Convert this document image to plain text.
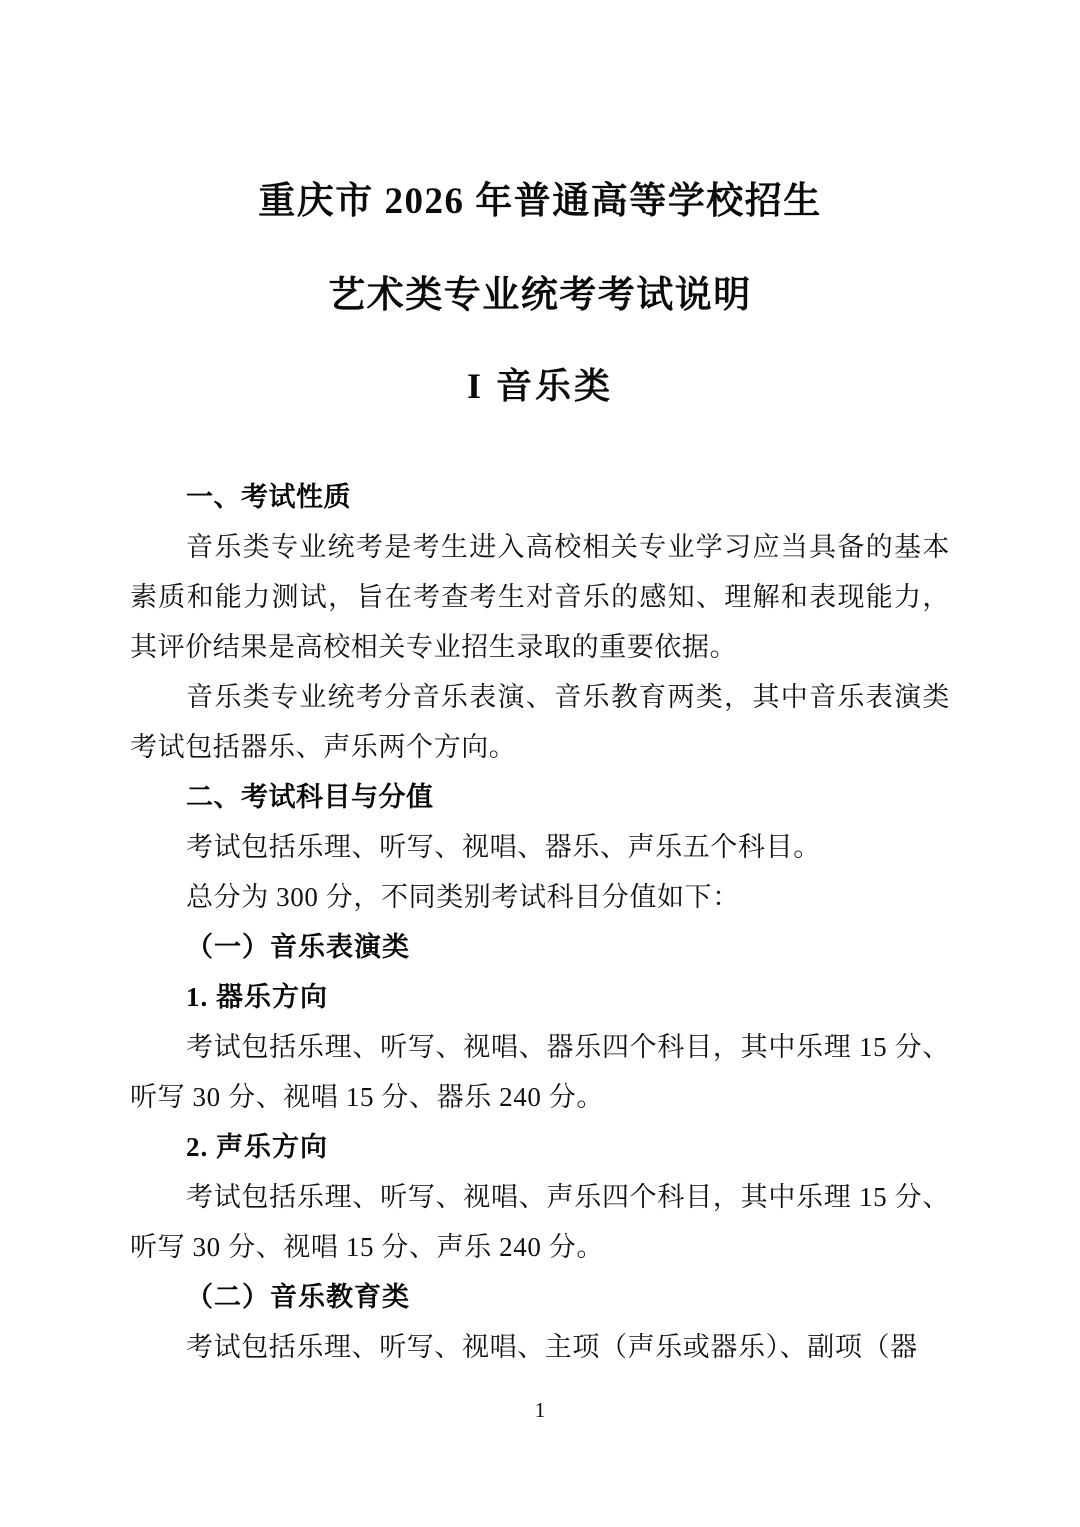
重庆市 2026 年普通高等学校招生
艺术类专业统考考试说明
I 音乐类
一、考试性质

音乐类专业统考是考生进入高校相关专业学习应当具备的基本素质和能力测试，旨在考查考生对音乐的感知、理解和表现能力，其评价结果是高校相关专业招生录取的重要依据。

音乐类专业统考分音乐表演、音乐教育两类，其中音乐表演类考试包括器乐、声乐两个方向。

二、考试科目与分值

考试包括乐理、听写、视唱、器乐、声乐五个科目。

总分为 300 分，不同类别考试科目分值如下：

（一）音乐表演类
1. 器乐方向

考试包括乐理、听写、视唱、器乐四个科目，其中乐理 15 分、听写 30 分、视唱 15 分、器乐 240 分。

2. 声乐方向

考试包括乐理、听写、视唱、声乐四个科目，其中乐理 15 分、听写 30 分、视唱 15 分、声乐 240 分。

（二）音乐教育类

考试包括乐理、听写、视唱、主项（声乐或器乐）、副项（器

1
